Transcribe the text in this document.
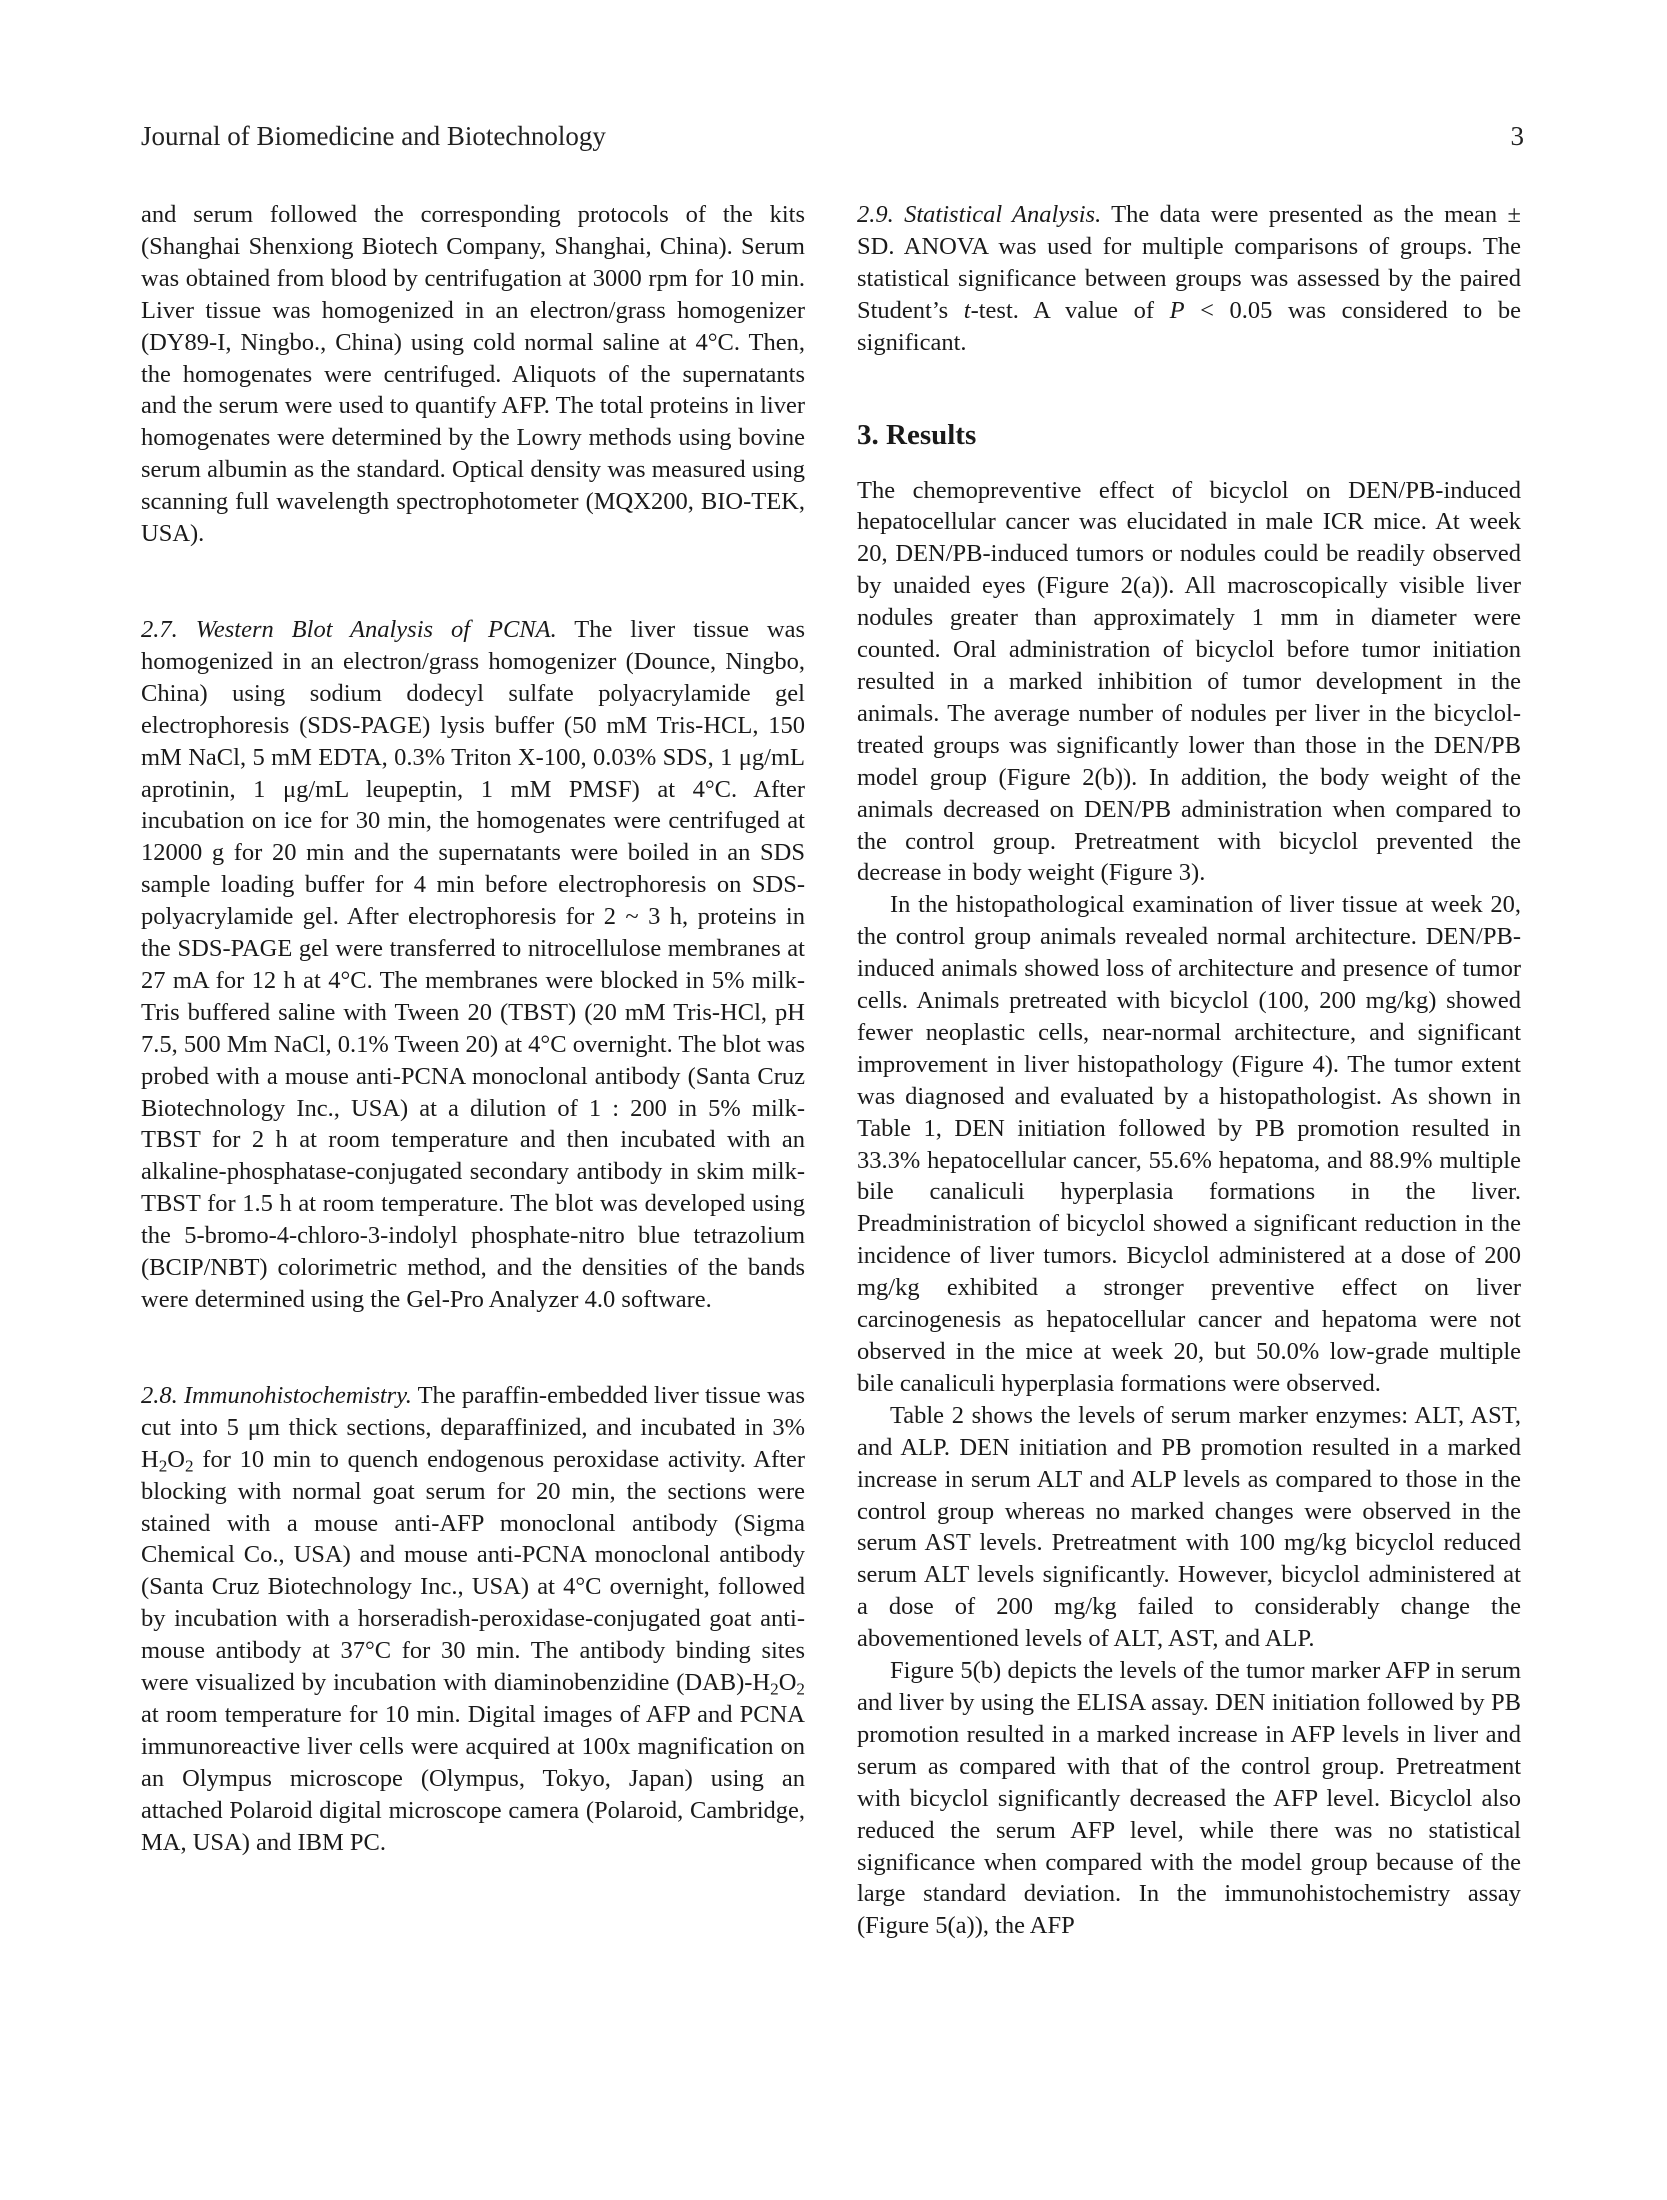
Journal of Biomedicine and Biotechnology	3

and serum followed the corresponding protocols of the kits (Shanghai Shenxiong Biotech Company, Shanghai, China). Serum was obtained from blood by centrifugation at 3000 rpm for 10 min. Liver tissue was homogenized in an electron/grass homogenizer (DY89-I, Ningbo., China) using cold normal saline at 4°C. Then, the homogenates were centrifuged. Aliquots of the supernatants and the serum were used to quantify AFP. The total proteins in liver homogenates were determined by the Lowry methods using bovine serum albumin as the standard. Optical density was measured using scanning full wavelength spectrophotometer (MQX200, BIO-TEK, USA).

2.7. Western Blot Analysis of PCNA. The liver tissue was homogenized in an electron/grass homogenizer (Dounce, Ningbo, China) using sodium dodecyl sulfate polyacrylamide gel electrophoresis (SDS-PAGE) lysis buffer (50 mM Tris-HCL, 150 mM NaCl, 5 mM EDTA, 0.3% Triton X-100, 0.03% SDS, 1 μg/mL aprotinin, 1 μg/mL leupeptin, 1 mM PMSF) at 4°C. After incubation on ice for 30 min, the homogenates were centrifuged at 12000 g for 20 min and the supernatants were boiled in an SDS sample loading buffer for 4 min before electrophoresis on SDS-polyacrylamide gel. After electrophoresis for 2 ~ 3 h, proteins in the SDS-PAGE gel were transferred to nitrocellulose membranes at 27 mA for 12 h at 4°C. The membranes were blocked in 5% milk-Tris buffered saline with Tween 20 (TBST) (20 mM Tris-HCl, pH 7.5, 500 Mm NaCl, 0.1% Tween 20) at 4°C overnight. The blot was probed with a mouse anti-PCNA monoclonal antibody (Santa Cruz Biotechnology Inc., USA) at a dilution of 1 : 200 in 5% milk-TBST for 2 h at room temperature and then incubated with an alkaline-phosphatase-conjugated secondary antibody in skim milk-TBST for 1.5 h at room temperature. The blot was developed using the 5-bromo-4-chloro-3-indolyl phosphate-nitro blue tetrazolium (BCIP/NBT) colorimetric method, and the densities of the bands were determined using the Gel-Pro Analyzer 4.0 software.

2.8. Immunohistochemistry. The paraffin-embedded liver tissue was cut into 5 μm thick sections, deparaffinized, and incubated in 3% $H_2O_2$ for 10 min to quench endogenous peroxidase activity. After blocking with normal goat serum for 20 min, the sections were stained with a mouse anti-AFP monoclonal antibody (Sigma Chemical Co., USA) and mouse anti-PCNA monoclonal antibody (Santa Cruz Biotechnology Inc., USA) at 4°C overnight, followed by incubation with a horseradish-peroxidase-conjugated goat anti-mouse antibody at 37°C for 30 min. The antibody binding sites were visualized by incubation with diaminobenzidine $(DAB)-H_2O_2$ at room temperature for 10 min. Digital images of AFP and PCNA immunoreactive liver cells were acquired at 100x magnification on an Olympus microscope (Olympus, Tokyo, Japan) using an attached Polaroid digital microscope camera (Polaroid, Cambridge, MA, USA) and IBM PC.

2.9. Statistical Analysis. The data were presented as the mean ± SD. ANOVA was used for multiple comparisons of groups. The statistical significance between groups was assessed by the paired Student’s t-test. A value of P < 0.05 was considered to be significant.

3. Results

The chemopreventive effect of bicyclol on DEN/PB-induced hepatocellular cancer was elucidated in male ICR mice. At week 20, DEN/PB-induced tumors or nodules could be readily observed by unaided eyes (Figure 2(a)). All macroscopically visible liver nodules greater than approximately 1 mm in diameter were counted. Oral administration of bicyclol before tumor initiation resulted in a marked inhibition of tumor development in the animals. The average number of nodules per liver in the bicyclol-treated groups was significantly lower than those in the DEN/PB model group (Figure 2(b)). In addition, the body weight of the animals decreased on DEN/PB administration when compared to the control group. Pretreatment with bicyclol prevented the decrease in body weight (Figure 3).

In the histopathological examination of liver tissue at week 20, the control group animals revealed normal architecture. DEN/PB-induced animals showed loss of architecture and presence of tumor cells. Animals pretreated with bicyclol (100, 200 mg/kg) showed fewer neoplastic cells, near-normal architecture, and significant improvement in liver histopathology (Figure 4). The tumor extent was diagnosed and evaluated by a histopathologist. As shown in Table 1, DEN initiation followed by PB promotion resulted in 33.3% hepatocellular cancer, 55.6% hepatoma, and 88.9% multiple bile canaliculi hyperplasia formations in the liver. Preadministration of bicyclol showed a significant reduction in the incidence of liver tumors. Bicyclol administered at a dose of 200 mg/kg exhibited a stronger preventive effect on liver carcinogenesis as hepatocellular cancer and hepatoma were not observed in the mice at week 20, but 50.0% low-grade multiple bile canaliculi hyperplasia formations were observed.

Table 2 shows the levels of serum marker enzymes: ALT, AST, and ALP. DEN initiation and PB promotion resulted in a marked increase in serum ALT and ALP levels as compared to those in the control group whereas no marked changes were observed in the serum AST levels. Pretreatment with 100 mg/kg bicyclol reduced serum ALT levels significantly. However, bicyclol administered at a dose of 200 mg/kg failed to considerably change the abovementioned levels of ALT, AST, and ALP.

Figure 5(b) depicts the levels of the tumor marker AFP in serum and liver by using the ELISA assay. DEN initiation followed by PB promotion resulted in a marked increase in AFP levels in liver and serum as compared with that of the control group. Pretreatment with bicyclol significantly decreased the AFP level. Bicyclol also reduced the serum AFP level, while there was no statistical significance when compared with the model group because of the large standard deviation. In the immunohistochemistry assay (Figure 5(a)), the AFP
